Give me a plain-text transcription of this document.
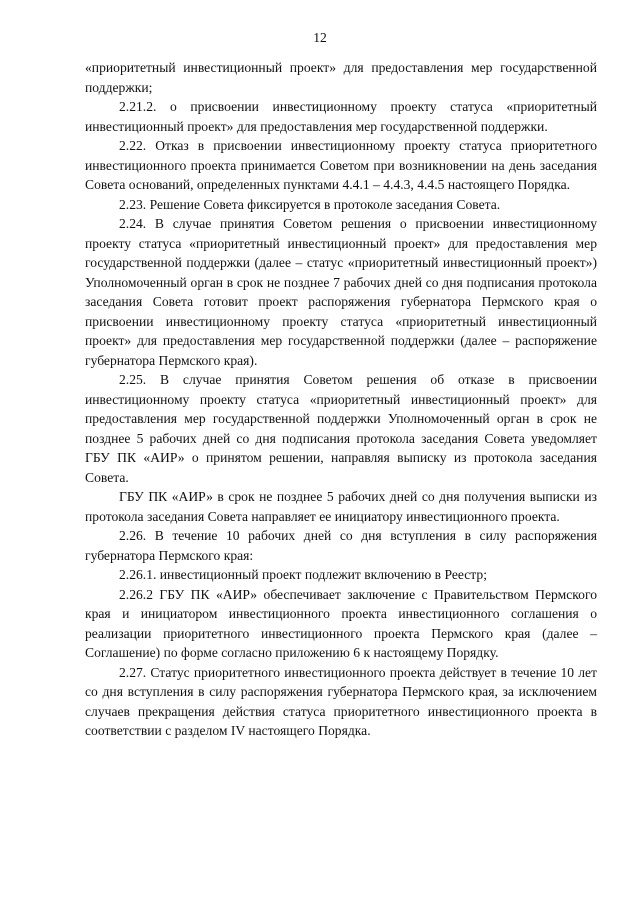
12

«приоритетный инвестиционный проект» для предоставления мер государственной поддержки;

2.21.2. о присвоении инвестиционному проекту статуса «приоритетный инвестиционный проект» для предоставления мер государственной поддержки.

2.22. Отказ в присвоении инвестиционному проекту статуса приоритетного инвестиционного проекта принимается Советом при возникновении на день заседания Совета оснований, определенных пунктами 4.4.1 – 4.4.3, 4.4.5 настоящего Порядка.

2.23. Решение Совета фиксируется в протоколе заседания Совета.

2.24. В случае принятия Советом решения о присвоении инвестиционному проекту статуса «приоритетный инвестиционный проект» для предоставления мер государственной поддержки (далее – статус «приоритетный инвестиционный проект») Уполномоченный орган в срок не позднее 7 рабочих дней со дня подписания протокола заседания Совета готовит проект распоряжения губернатора Пермского края о присвоении инвестиционному проекту статуса «приоритетный инвестиционный проект» для предоставления мер государственной поддержки (далее – распоряжение губернатора Пермского края).

2.25. В случае принятия Советом решения об отказе в присвоении инвестиционному проекту статуса «приоритетный инвестиционный проект» для предоставления мер государственной поддержки Уполномоченный орган в срок не позднее 5 рабочих дней со дня подписания протокола заседания Совета уведомляет ГБУ ПК «АИР» о принятом решении, направляя выписку из протокола заседания Совета.

ГБУ ПК «АИР» в срок не позднее 5 рабочих дней со дня получения выписки из протокола заседания Совета направляет ее инициатору инвестиционного проекта.

2.26. В течение 10 рабочих дней со дня вступления в силу распоряжения губернатора Пермского края:

2.26.1. инвестиционный проект подлежит включению в Реестр;

2.26.2 ГБУ ПК «АИР» обеспечивает заключение с Правительством Пермского края и инициатором инвестиционного проекта инвестиционного соглашения о реализации приоритетного инвестиционного проекта Пермского края (далее – Соглашение) по форме согласно приложению 6 к настоящему Порядку.

2.27. Статус приоритетного инвестиционного проекта действует в течение 10 лет со дня вступления в силу распоряжения губернатора Пермского края, за исключением случаев прекращения действия статуса приоритетного инвестиционного проекта в соответствии с разделом IV настоящего Порядка.
